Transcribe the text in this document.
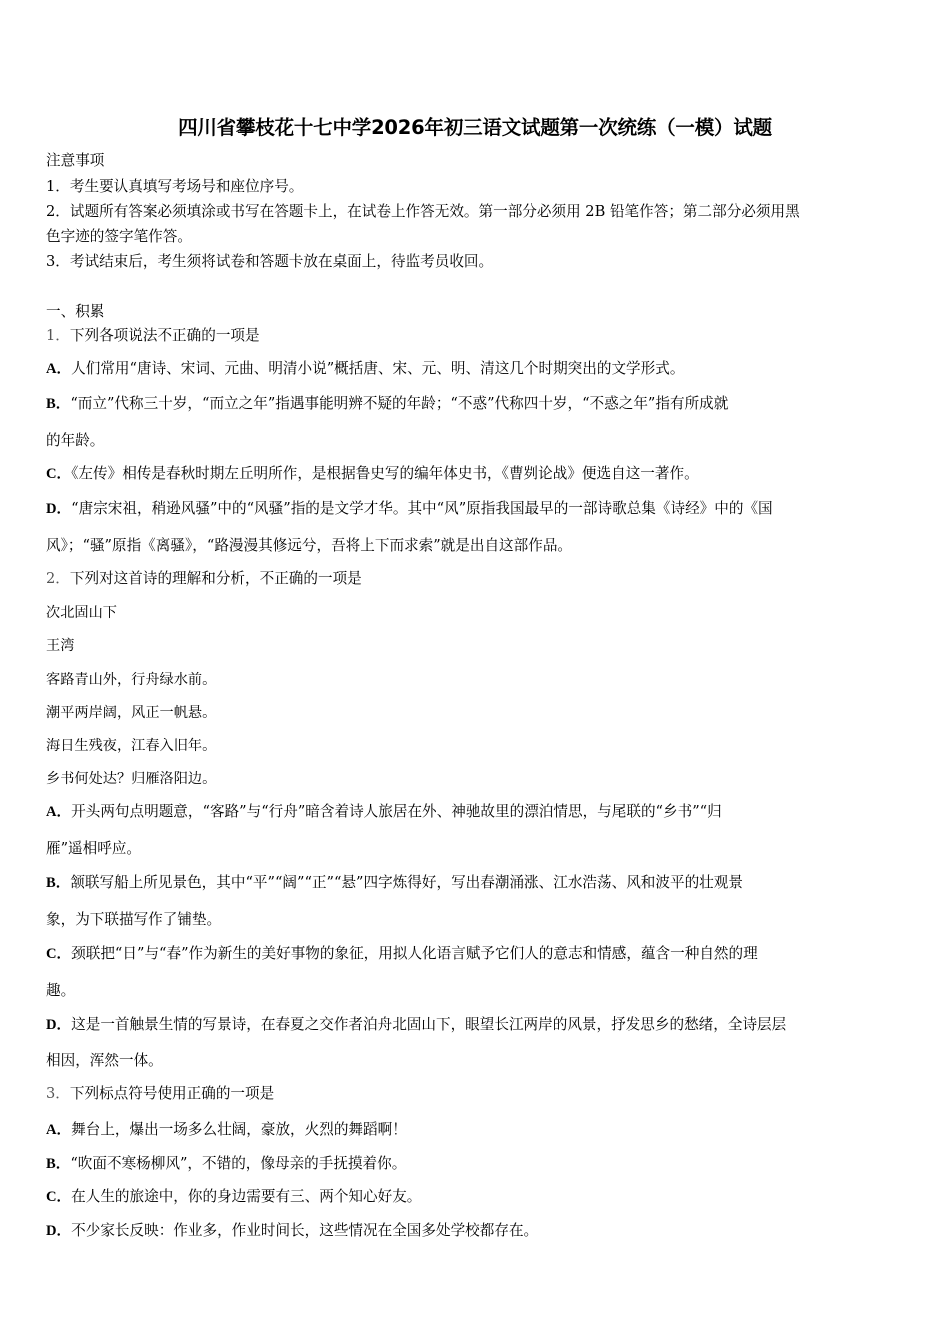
四川省攀枝花十七中学2026年初三语文试题第一次统练（一模）试题
注意事项
1．考生要认真填写考场号和座位序号。
2．试题所有答案必须填涂或书写在答题卡上，在试卷上作答无效。第一部分必须用 2B 铅笔作答；第二部分必须用黑
色字迹的签字笔作答。
3．考试结束后，考生须将试卷和答题卡放在桌面上，待监考员收回。
一、积累
1．下列各项说法不正确的一项是
A．人们常用“唐诗、宋词、元曲、明清小说”概括唐、宋、元、明、清这几个时期突出的文学形式。
B．“而立”代称三十岁，“而立之年”指遇事能明辨不疑的年龄；“不惑”代称四十岁，“不惑之年”指有所成就
的年龄。
C．《左传》相传是春秋时期左丘明所作，是根据鲁史写的编年体史书，《曹刿论战》便选自这一著作。
D．“唐宗宋祖，稍逊风骚”中的“风骚”指的是文学才华。其中“风”原指我国最早的一部诗歌总集《诗经》中的《国
风》；“骚”原指《离骚》，“路漫漫其修远兮，吾将上下而求索”就是出自这部作品。
2．下列对这首诗的理解和分析，不正确的一项是
次北固山下
王湾
客路青山外，行舟绿水前。
潮平两岸阔，风正一帆悬。
海日生残夜，江春入旧年。
乡书何处达？归雁洛阳边。
A．开头两句点明题意，“客路”与“行舟”暗含着诗人旅居在外、神驰故里的漂泊情思，与尾联的“乡书”“归
雁”遥相呼应。
B．颔联写船上所见景色，其中“平”“阔”“正”“悬”四字炼得好，写出春潮涌涨、江水浩荡、风和波平的壮观景
象，为下联描写作了铺垫。
C．颈联把“日”与“春”作为新生的美好事物的象征，用拟人化语言赋予它们人的意志和情感，蕴含一种自然的理
趣。
D．这是一首触景生情的写景诗，在春夏之交作者泊舟北固山下，眼望长江两岸的风景，抒发思乡的愁绪，全诗层层
相因，浑然一体。
3．下列标点符号使用正确的一项是
A．舞台上，爆出一场多么壮阔，豪放，火烈的舞蹈啊！
B．“吹面不寒杨柳风”，不错的，像母亲的手抚摸着你。
C．在人生的旅途中，你的身边需要有三、两个知心好友。
D．不少家长反映：作业多，作业时间长，这些情况在全国多处学校都存在。
